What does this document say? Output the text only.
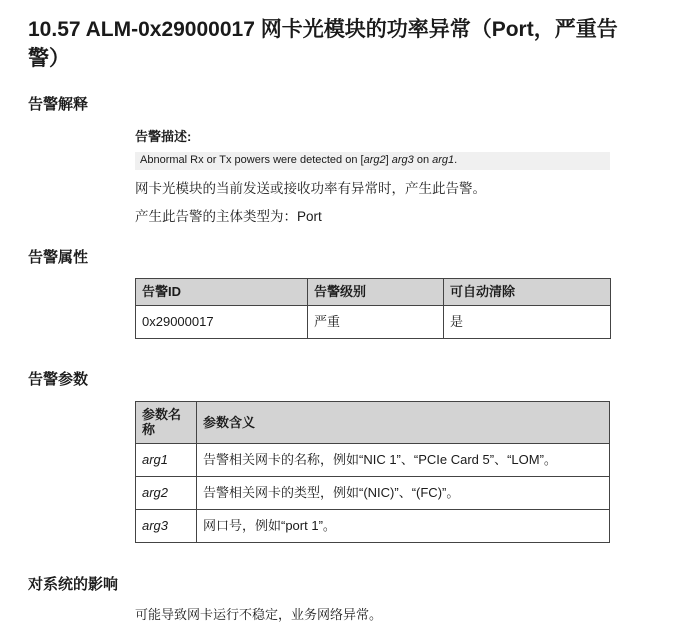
10.57 ALM-0x29000017 网卡光模块的功率异常（Port，严重告警）
告警解释

告警描述:

Abnormal Rx or Tx powers were detected on [arg2] arg3 on arg1.

网卡光模块的当前发送或接收功率有异常时，产生此告警。

产生此告警的主体类型为：Port

告警属性
告警ID	告警级别	可自动清除
0x29000017	严重	是
告警参数
参数名称	参数含义
arg1	告警相关网卡的名称，例如“NIC 1”、“PCIe Card 5”、“LOM”。
arg2	告警相关网卡的类型，例如“(NIC)”、“(FC)”。
arg3	网口号，例如“port 1”。
对系统的影响

可能导致网卡运行不稳定，业务网络异常。
